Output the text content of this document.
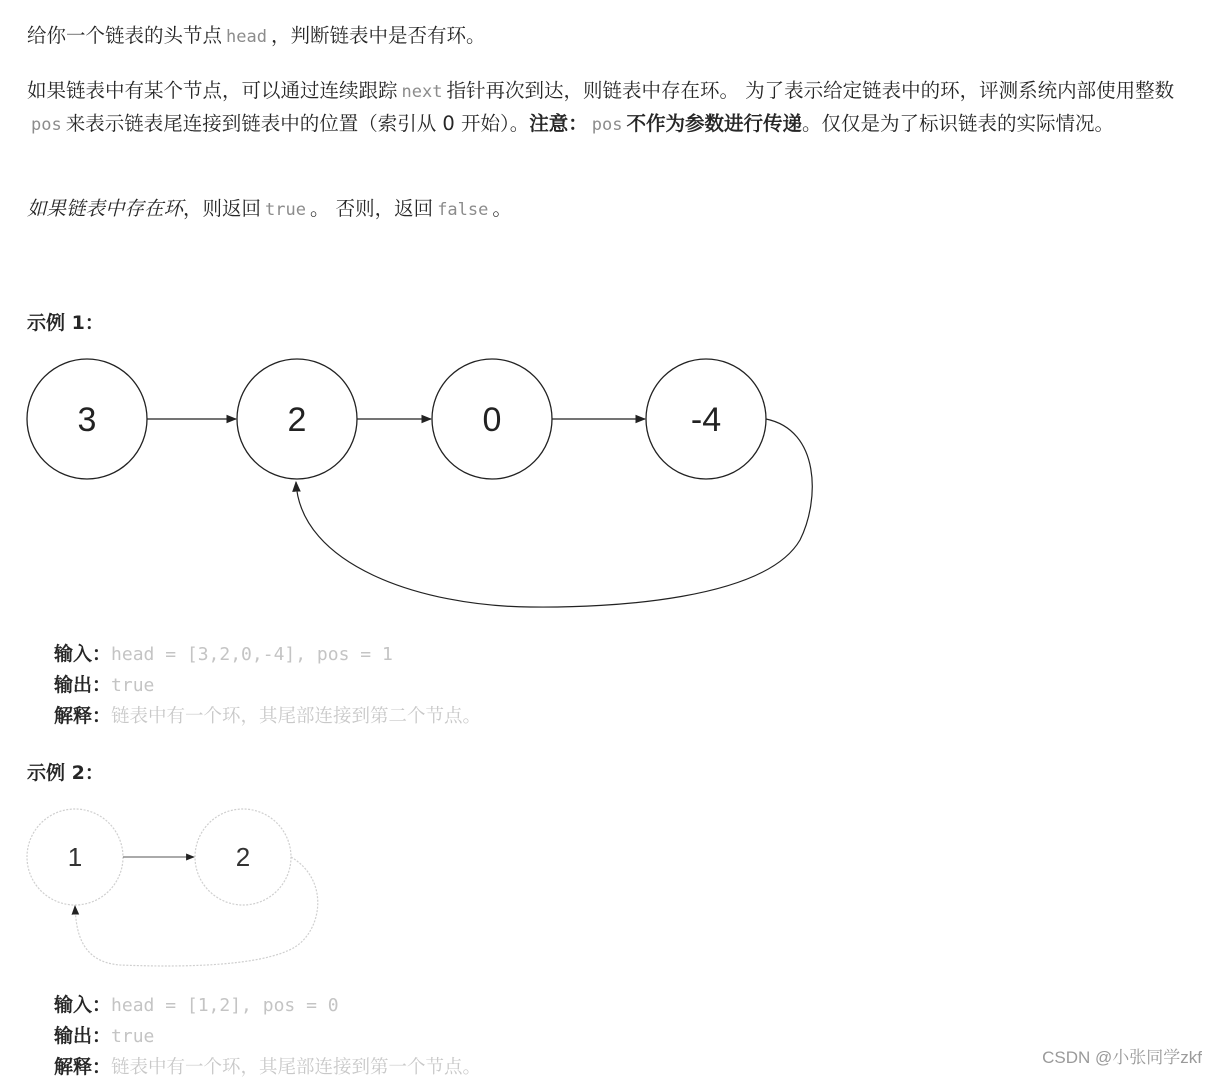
给你一个链表的头节点 head ，判断链表中是否有环。

如果链表中有某个节点，可以通过连续跟踪 next 指针再次到达，则链表中存在环。 为了表示给定链表中的环，评测系统内部使用整数pos 来表示链表尾连接到链表中的位置（索引从 0 开始）。注意： pos 不作为参数进行传递。仅仅是为了标识链表的实际情况。

如果链表中存在环，则返回 true 。 否则，返回 false 。

示例 1：
3	2	0	-4
输入：head = [3,2,0,-4], pos = 1
输出：true
解释：链表中有一个环，其尾部连接到第二个节点。
示例 2：
1	2
输入：head = [1,2], pos = 0
输出：true
解释：链表中有一个环，其尾部连接到第一个节点。	CSDN @小张同学zkf
